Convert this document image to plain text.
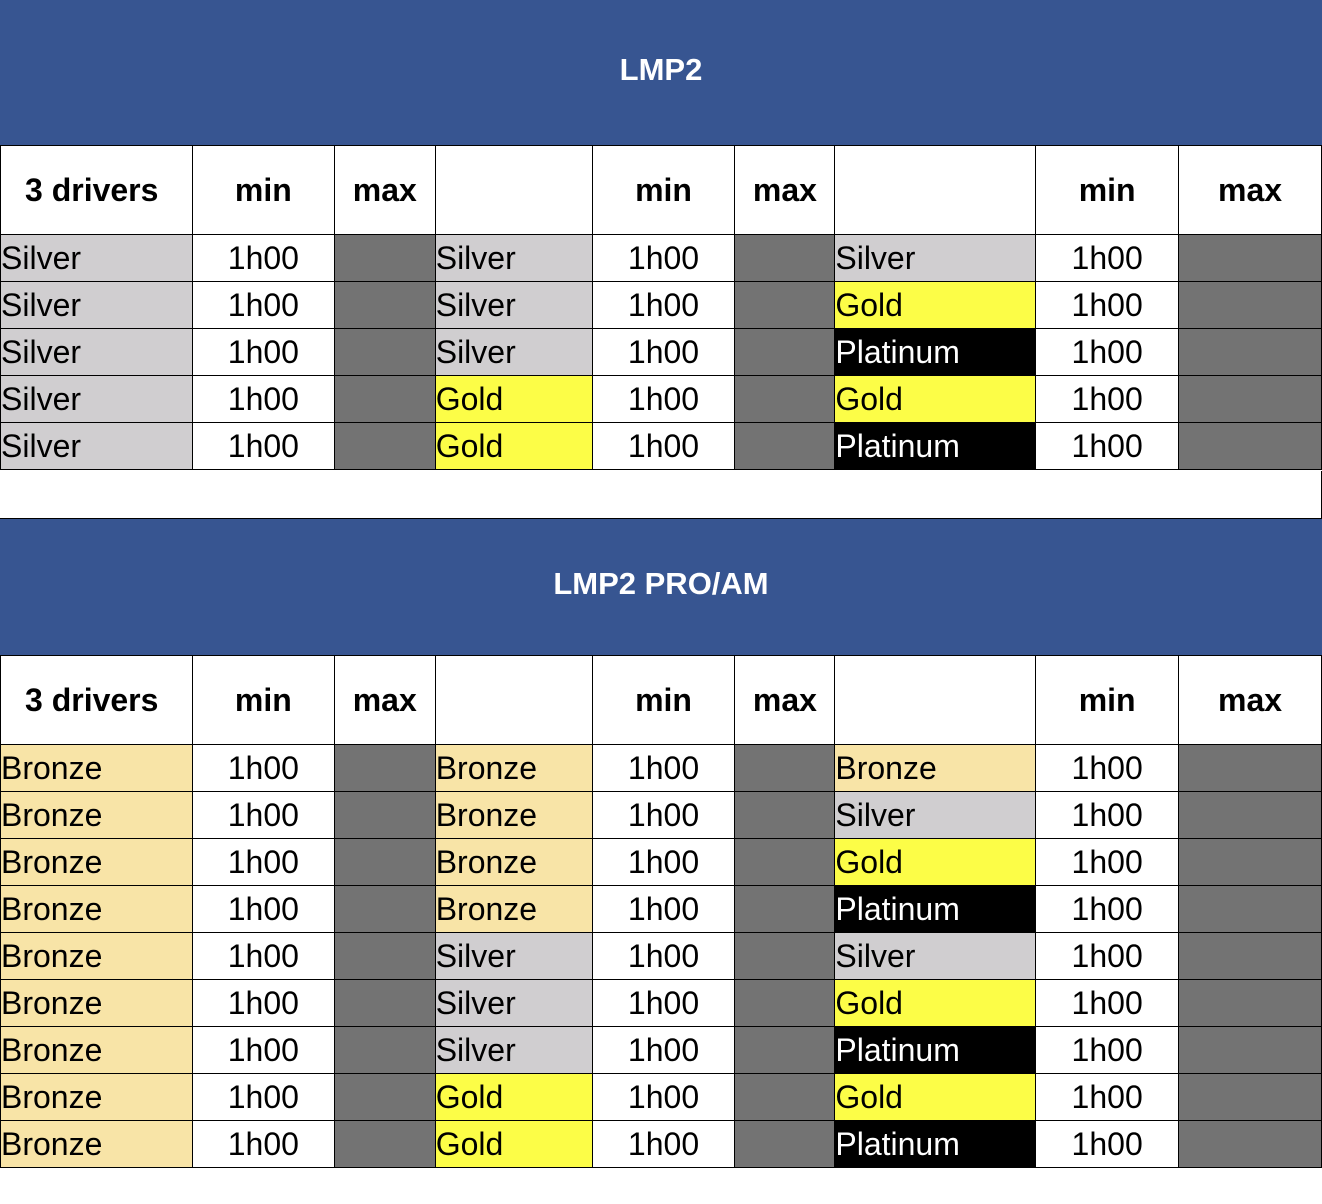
LMP2
3 drivers	min	max		min	max		min	max
Silver	1h00		Silver	1h00		Silver	1h00	
Silver	1h00		Silver	1h00		Gold	1h00	
Silver	1h00		Silver	1h00		Platinum	1h00	
Silver	1h00		Gold	1h00		Gold	1h00	
Silver	1h00		Gold	1h00		Platinum	1h00	
LMP2 PRO/AM
3 drivers	min	max		min	max		min	max
Bronze	1h00		Bronze	1h00		Bronze	1h00	
Bronze	1h00		Bronze	1h00		Silver	1h00	
Bronze	1h00		Bronze	1h00		Gold	1h00	
Bronze	1h00		Bronze	1h00		Platinum	1h00	
Bronze	1h00		Silver	1h00		Silver	1h00	
Bronze	1h00		Silver	1h00		Gold	1h00	
Bronze	1h00		Silver	1h00		Platinum	1h00	
Bronze	1h00		Gold	1h00		Gold	1h00	
Bronze	1h00		Gold	1h00		Platinum	1h00	
